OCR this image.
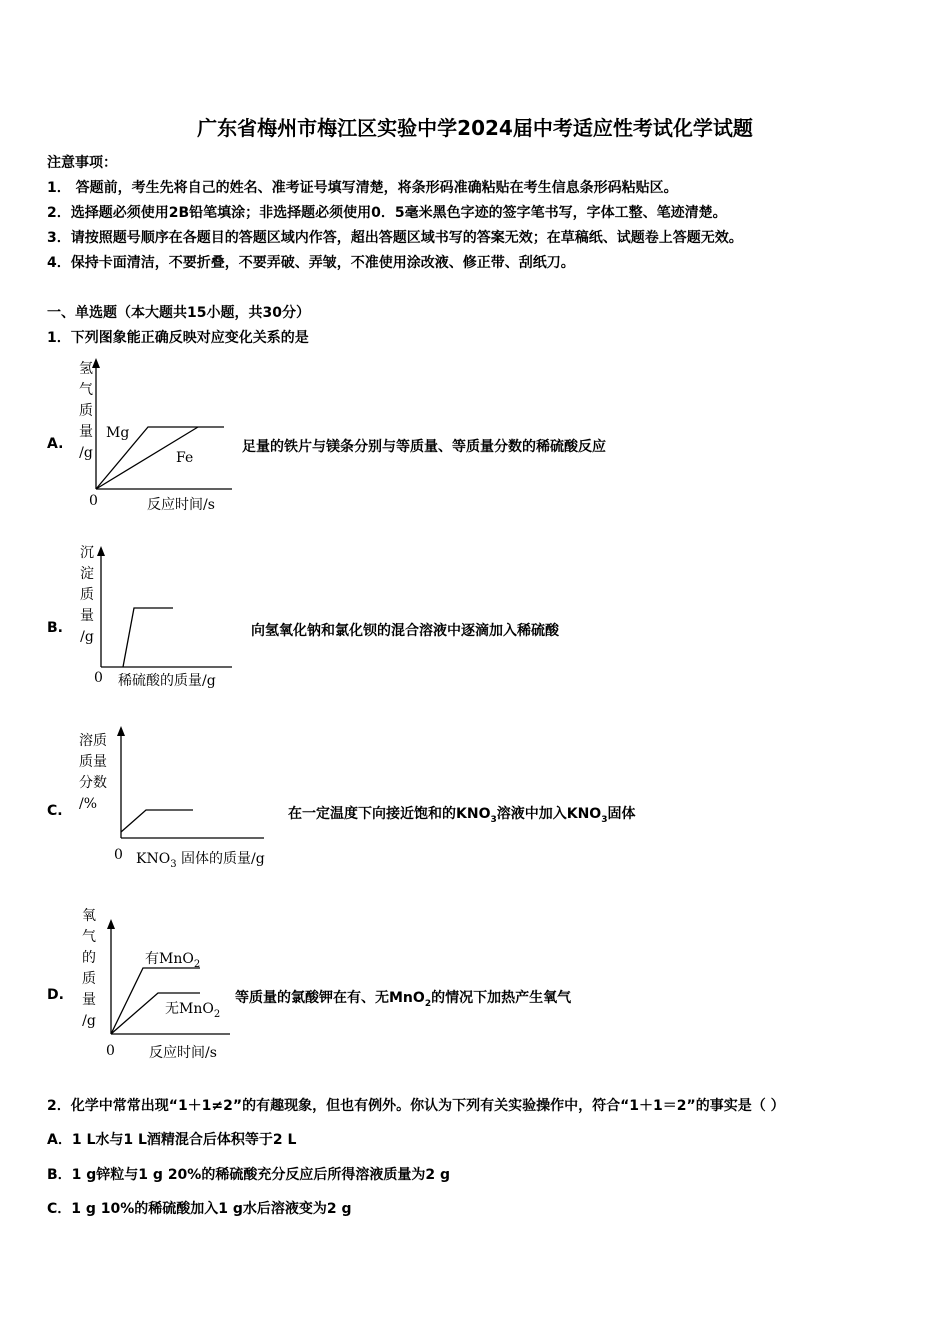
广东省梅州市梅江区实验中学2024届中考适应性考试化学试题
注意事项：
1． 答题前，考生先将自己的姓名、准考证号填写清楚，将条形码准确粘贴在考生信息条形码粘贴区。
2．选择题必须使用2B铅笔填涂；非选择题必须使用0．5毫米黑色字迹的签字笔书写，字体工整、笔迹清楚。
3．请按照题号顺序在各题目的答题区域内作答，超出答题区域书写的答案无效；在草稿纸、试题卷上答题无效。
4．保持卡面清洁，不要折叠，不要弄破、弄皱，不准使用涂改液、修正带、刮纸刀。
一、单选题（本大题共15小题，共30分）
1．下列图象能正确反映对应变化关系的是
A.
氢
气
质
量
/g
Mg
Fe
0	反应时间/s
足量的铁片与镁条分别与等质量、等质量分数的稀硫酸反应
B.
沉
淀
质
量
/g
0 稀硫酸的质量/g
向氢氧化钠和氯化钡的混合溶液中逐滴加入稀硫酸
C.
溶质
质量
分数
/%
0 $KNO_3$ 固体的质量/g
在一定温度下向接近饱和的$KNO_3$溶液中加入$KNO_3$固体
D.
氧
气
的
质
量
/g
有MnO$_2$
无MnO$_2$
0 反应时间/s
等质量的氯酸钾在有、无MnO$_2$的情况下加热产生氧气
2．化学中常常出现“1＋1≠2”的有趣现象，但也有例外。你认为下列有关实验操作中，符合“1＋1＝2”的事实是（ ）
A．1 L水与1 L酒精混合后体积等于2 L
B．1 g锌粒与1 g 20%的稀硫酸充分反应后所得溶液质量为2 g
C．1 g 10%的稀硫酸加入1 g水后溶液变为2 g
